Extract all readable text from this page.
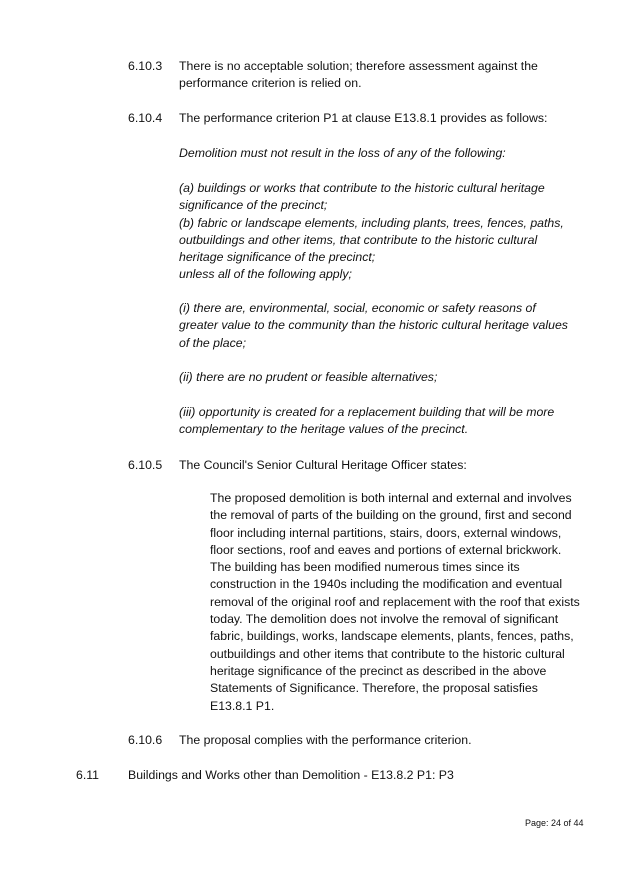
6.10.3 There is no acceptable solution; therefore assessment against the
performance criterion is relied on.
6.10.4 The performance criterion P1 at clause E13.8.1 provides as follows:
Demolition must not result in the loss of any of the following:
(a) buildings or works that contribute to the historic cultural heritage
significance of the precinct;
(b) fabric or landscape elements, including plants, trees, fences, paths,
outbuildings and other items, that contribute to the historic cultural
heritage significance of the precinct;
unless all of the following apply;
(i) there are, environmental, social, economic or safety reasons of
greater value to the community than the historic cultural heritage values
of the place;
(ii) there are no prudent or feasible alternatives;
(iii) opportunity is created for a replacement building that will be more
complementary to the heritage values of the precinct.
6.10.5 The Council's Senior Cultural Heritage Officer states:
The proposed demolition is both internal and external and involves
the removal of parts of the building on the ground, first and second
floor including internal partitions, stairs, doors, external windows,
floor sections, roof and eaves and portions of external brickwork.
The building has been modified numerous times since its
construction in the 1940s including the modification and eventual
removal of the original roof and replacement with the roof that exists
today. The demolition does not involve the removal of significant
fabric, buildings, works, landscape elements, plants, fences, paths,
outbuildings and other items that contribute to the historic cultural
heritage significance of the precinct as described in the above
Statements of Significance. Therefore, the proposal satisfies
E13.8.1 P1.
6.10.6 The proposal complies with the performance criterion.
6.11 Buildings and Works other than Demolition - E13.8.2 P1: P3
Page: 24 of 44
